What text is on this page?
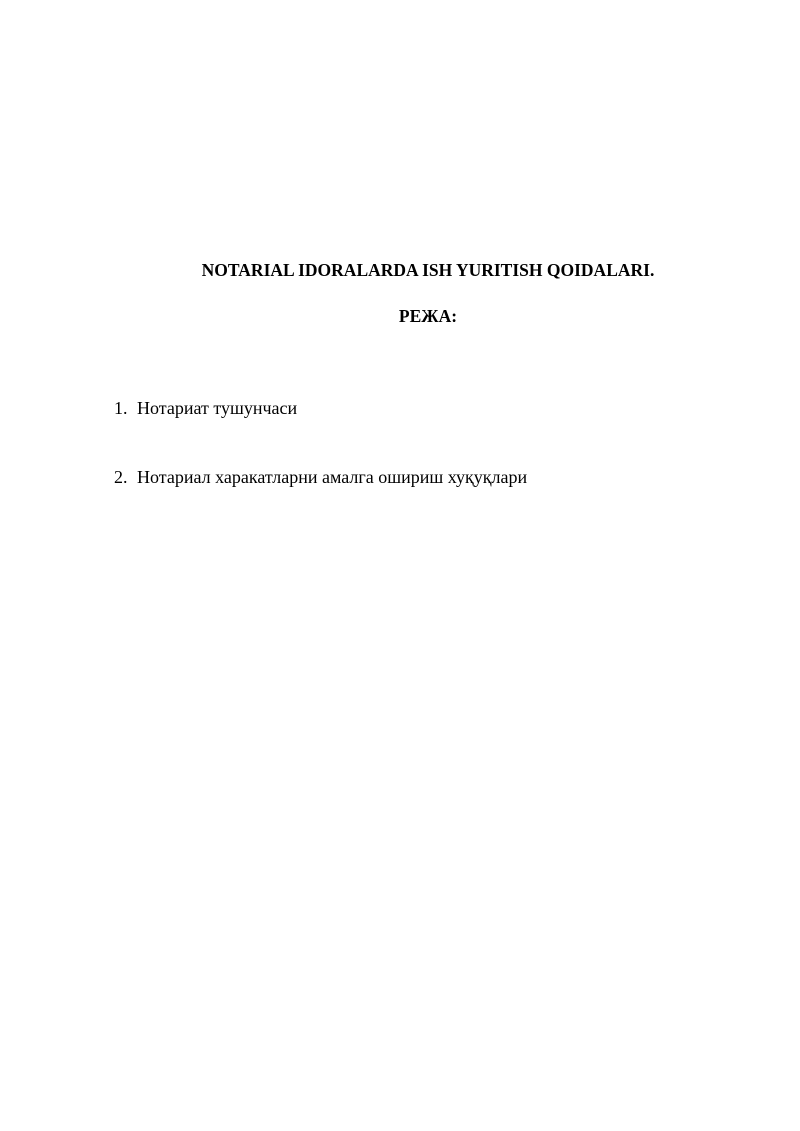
NOTARIAL IDORALARDA ISH YURITISH QOIDALARI.
РЕЖА:
1. Нотариат тушунчаси
2. Нотариал харакатларни амалга ошириш хуқуқлари
